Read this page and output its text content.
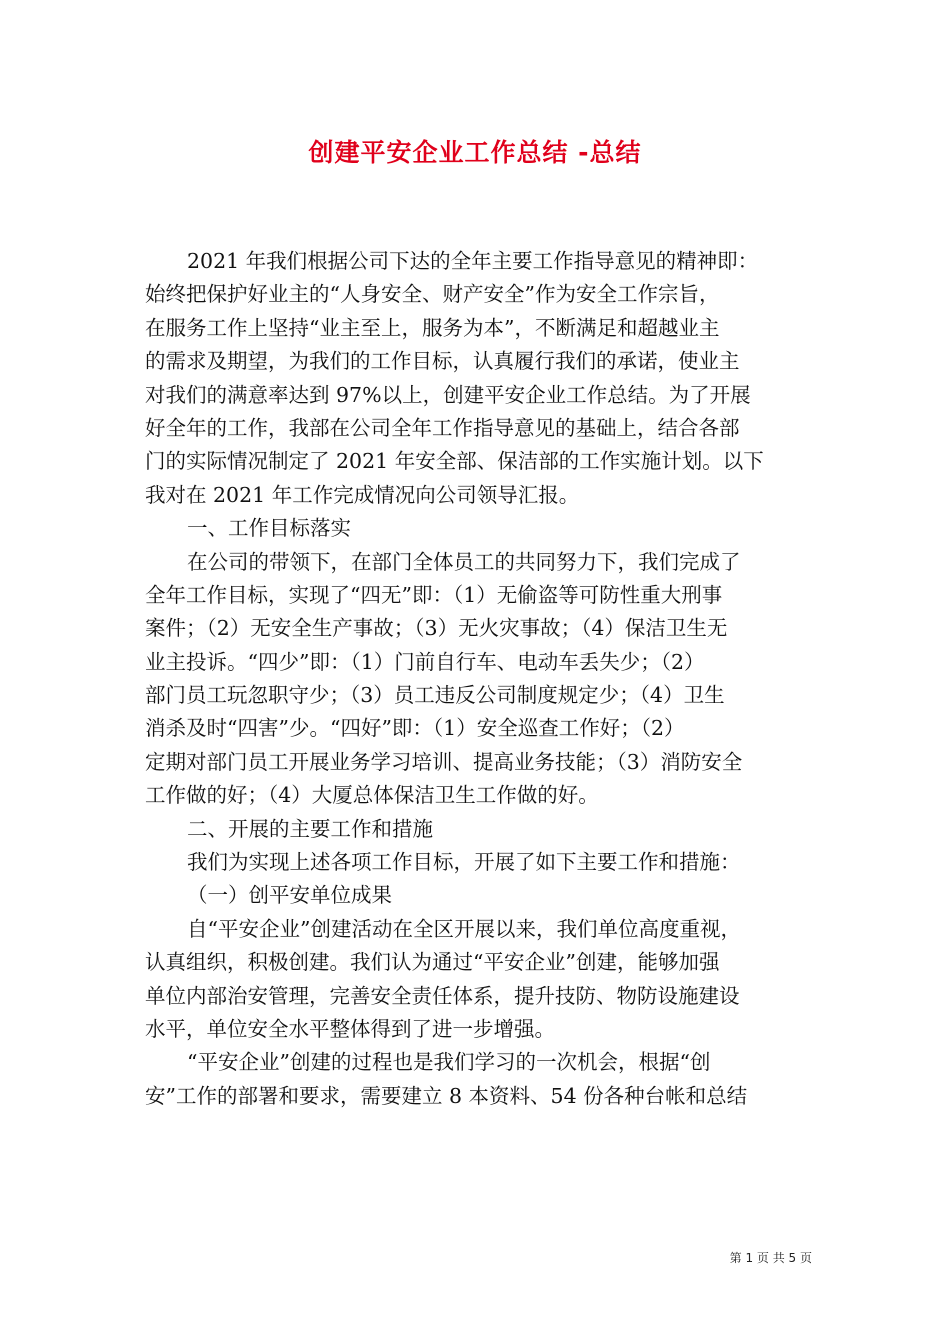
创建平安企业工作总结 -总结
2021 年我们根据公司下达的全年主要工作指导意见的精神即：
始终把保护好业主的“人身安全、财产安全”作为安全工作宗旨，
在服务工作上坚持“业主至上，服务为本”，不断满足和超越业主
的需求及期望，为我们的工作目标，认真履行我们的承诺，使业主
对我们的满意率达到 97%以上，创建平安企业工作总结。为了开展
好全年的工作，我部在公司全年工作指导意见的基础上，结合各部
门的实际情况制定了 2021 年安全部、保洁部的工作实施计划。以下
我对在 2021 年工作完成情况向公司领导汇报。
一、工作目标落实
在公司的带领下，在部门全体员工的共同努力下，我们完成了
全年工作目标，实现了“四无”即：（1）无偷盗等可防性重大刑事
案件；（2）无安全生产事故；（3）无火灾事故；（4）保洁卫生无
业主投诉。“四少”即：（1）门前自行车、电动车丢失少；（2）
部门员工玩忽职守少；（3）员工违反公司制度规定少；（4）卫生
消杀及时“四害”少。“四好”即：（1）安全巡查工作好；（2）
定期对部门员工开展业务学习培训、提高业务技能；（3）消防安全
工作做的好；（4）大厦总体保洁卫生工作做的好。
二、开展的主要工作和措施
我们为实现上述各项工作目标，开展了如下主要工作和措施：
（一）创平安单位成果
自“平安企业”创建活动在全区开展以来，我们单位高度重视，
认真组织，积极创建。我们认为通过“平安企业”创建，能够加强
单位内部治安管理，完善安全责任体系，提升技防、物防设施建设
水平，单位安全水平整体得到了进一步增强。
“平安企业”创建的过程也是我们学习的一次机会，根据“创
安”工作的部署和要求，需要建立 8 本资料、54 份各种台帐和总结
第 1 页 共 5 页
